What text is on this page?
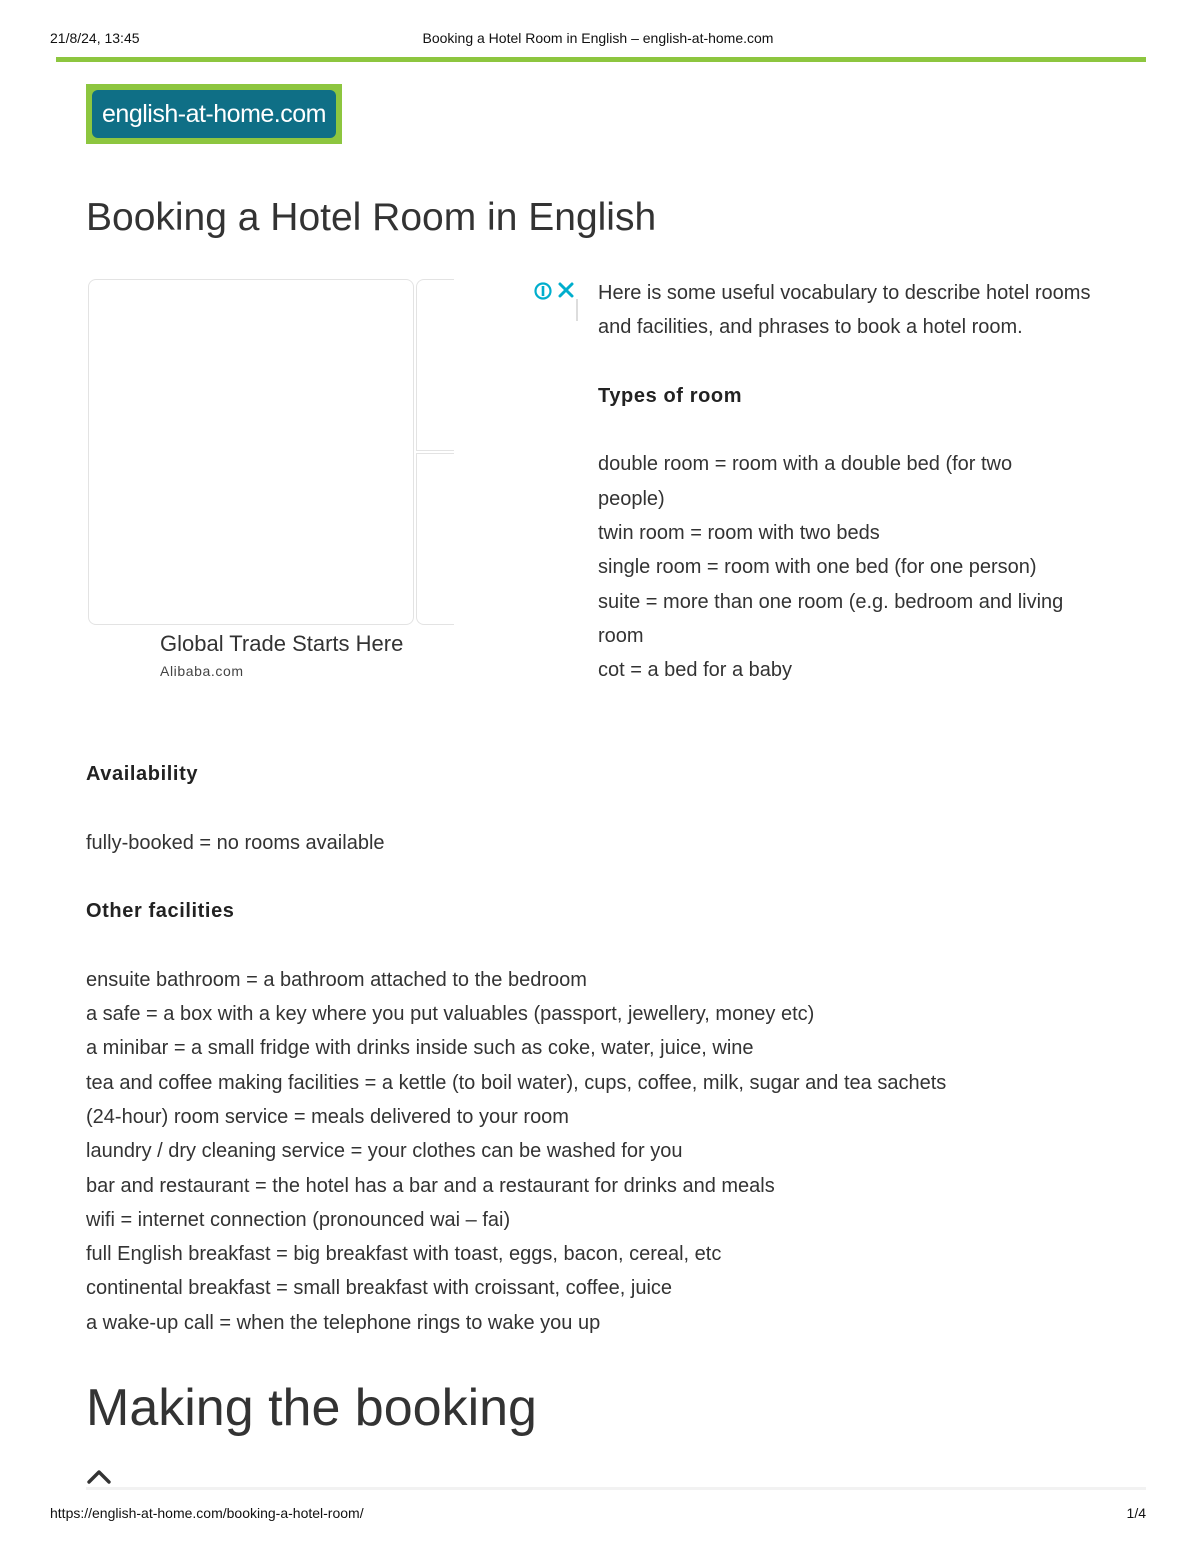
21/8/24, 13:45	Booking a Hotel Room in English – english-at-home.com
english-at-home.com
Booking a Hotel Room in English
Global Trade Starts Here
Alibaba.com

Here is some useful vocabulary to describe hotel rooms and facilities, and phrases to book a hotel room.

Types of room
double room = room with a double bed (for two
people)
twin room = room with two beds
single room = room with one bed (for one person)
suite = more than one room (e.g. bedroom and living
room
cot = a bed for a baby
Availability
fully-booked = no rooms available
Other facilities
ensuite bathroom = a bathroom attached to the bedroom
a safe = a box with a key where you put valuables (passport, jewellery, money etc)
a minibar = a small fridge with drinks inside such as coke, water, juice, wine
tea and coffee making facilities = a kettle (to boil water), cups, coffee, milk, sugar and tea sachets
(24-hour) room service = meals delivered to your room
laundry / dry cleaning service = your clothes can be washed for you
bar and restaurant = the hotel has a bar and a restaurant for drinks and meals
wifi = internet connection (pronounced wai – fai)
full English breakfast = big breakfast with toast, eggs, bacon, cereal, etc
continental breakfast = small breakfast with croissant, coffee, juice
a wake-up call = when the telephone rings to wake you up
Making the booking
https://english-at-home.com/booking-a-hotel-room/	1/4
